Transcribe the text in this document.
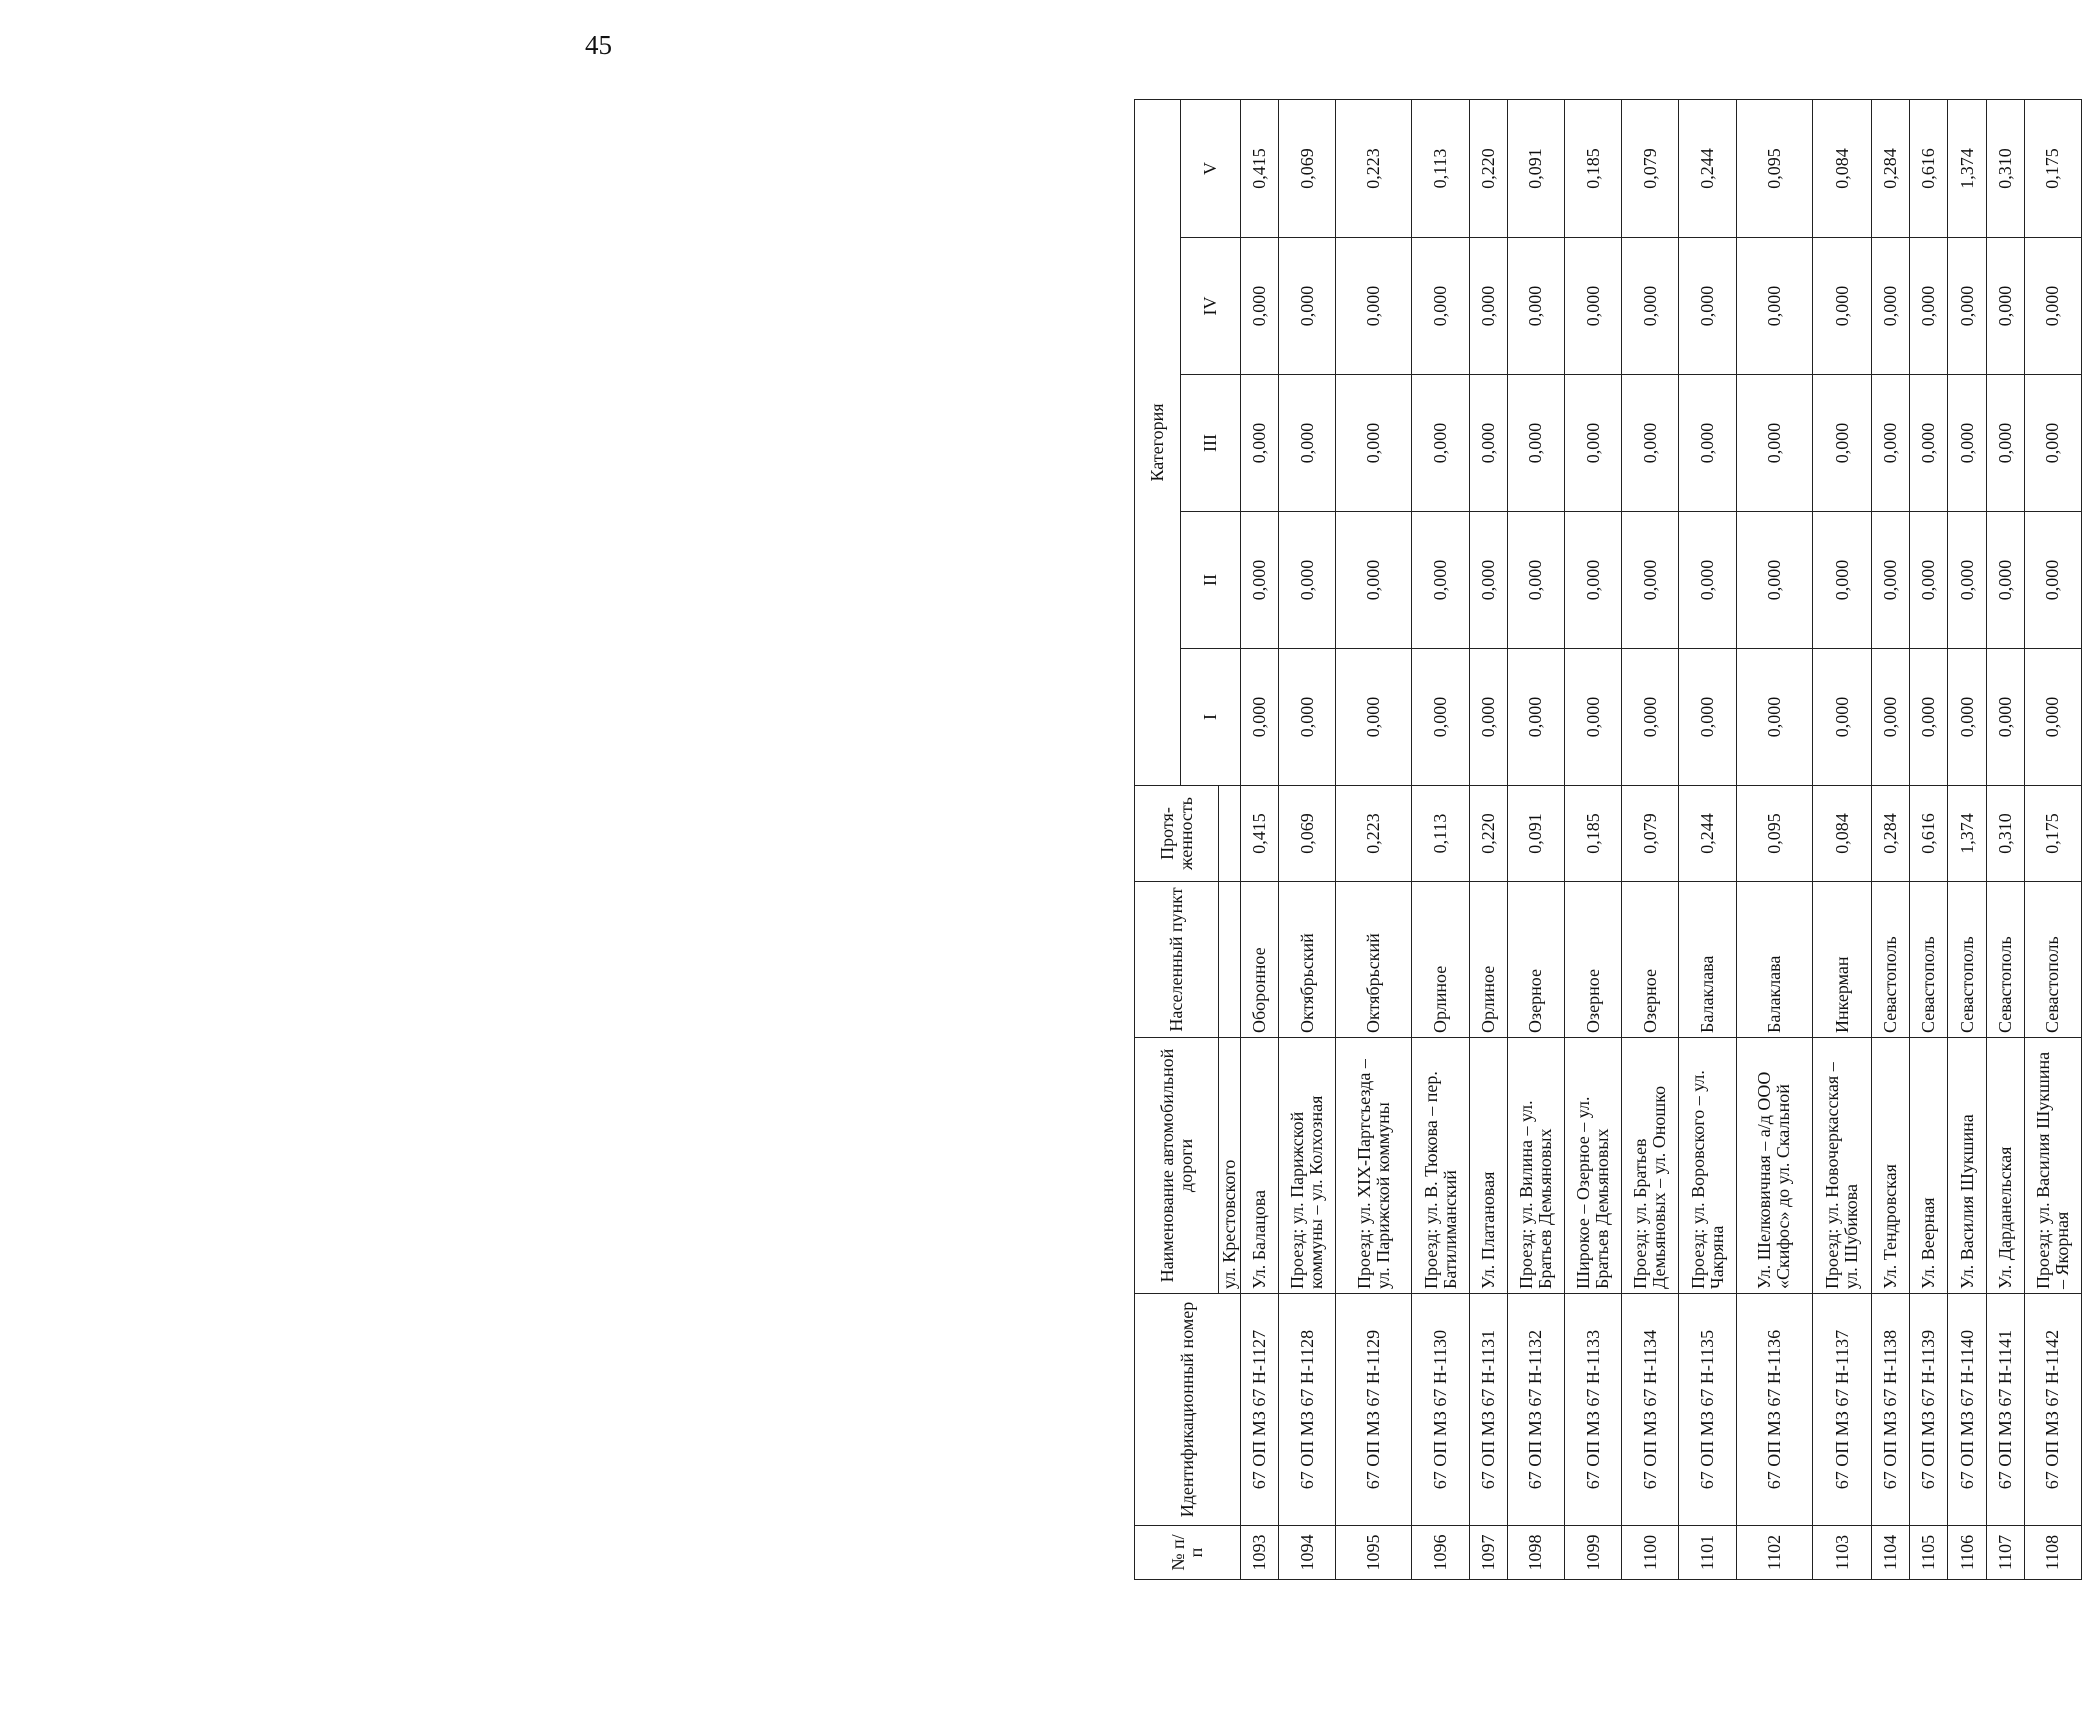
45
№ п/п	Идентификационный номер	Наименование автомобильной дороги	Населенный пункт	Протя-женность	Категория				
					I	II	III	IV	V
		ул. Крестовского							
1093	67 ОП МЗ 67 Н-1127	Ул. Балацова	Оборонное	0,415	0,000	0,000	0,000	0,000	0,415
1094	67 ОП МЗ 67 Н-1128	Проезд: ул. Парижской коммуны – ул. Колхозная	Октябрьский	0,069	0,000	0,000	0,000	0,000	0,069
1095	67 ОП МЗ 67 Н-1129	Проезд: ул. XIX-Партсъезда – ул. Парижской коммуны	Октябрьский	0,223	0,000	0,000	0,000	0,000	0,223
1096	67 ОП МЗ 67 Н-1130	Проезд: ул. В. Тюкова – пер. Батилиманский	Орлиное	0,113	0,000	0,000	0,000	0,000	0,113
1097	67 ОП МЗ 67 Н-1131	Ул. Платановая	Орлиное	0,220	0,000	0,000	0,000	0,000	0,220
1098	67 ОП МЗ 67 Н-1132	Проезд: ул. Вилина – ул. Братьев Демьяновых	Озерное	0,091	0,000	0,000	0,000	0,000	0,091
1099	67 ОП МЗ 67 Н-1133	Широкое – Озерное – ул. Братьев Демьяновых	Озерное	0,185	0,000	0,000	0,000	0,000	0,185
1100	67 ОП МЗ 67 Н-1134	Проезд: ул. Братьев Демьяновых – ул. Оношко	Озерное	0,079	0,000	0,000	0,000	0,000	0,079
1101	67 ОП МЗ 67 Н-1135	Проезд: ул. Воровского – ул. Чакряна	Балаклава	0,244	0,000	0,000	0,000	0,000	0,244
1102	67 ОП МЗ 67 Н-1136	Ул. Шелковичная – а/д ООО «Скифос» до ул. Скальной	Балаклава	0,095	0,000	0,000	0,000	0,000	0,095
1103	67 ОП МЗ 67 Н-1137	Проезд: ул. Новочеркасская – ул. Шубикова	Инкерман	0,084	0,000	0,000	0,000	0,000	0,084
1104	67 ОП МЗ 67 Н-1138	Ул. Тендровская	Севастополь	0,284	0,000	0,000	0,000	0,000	0,284
1105	67 ОП МЗ 67 Н-1139	Ул. Веерная	Севастополь	0,616	0,000	0,000	0,000	0,000	0,616
1106	67 ОП МЗ 67 Н-1140	Ул. Василия Шукшина	Севастополь	1,374	0,000	0,000	0,000	0,000	1,374
1107	67 ОП МЗ 67 Н-1141	Ул. Дарданельская	Севастополь	0,310	0,000	0,000	0,000	0,000	0,310
1108	67 ОП МЗ 67 Н-1142	Проезд: ул. Василия Шукшина – Якорная	Севастополь	0,175	0,000	0,000	0,000	0,000	0,175
